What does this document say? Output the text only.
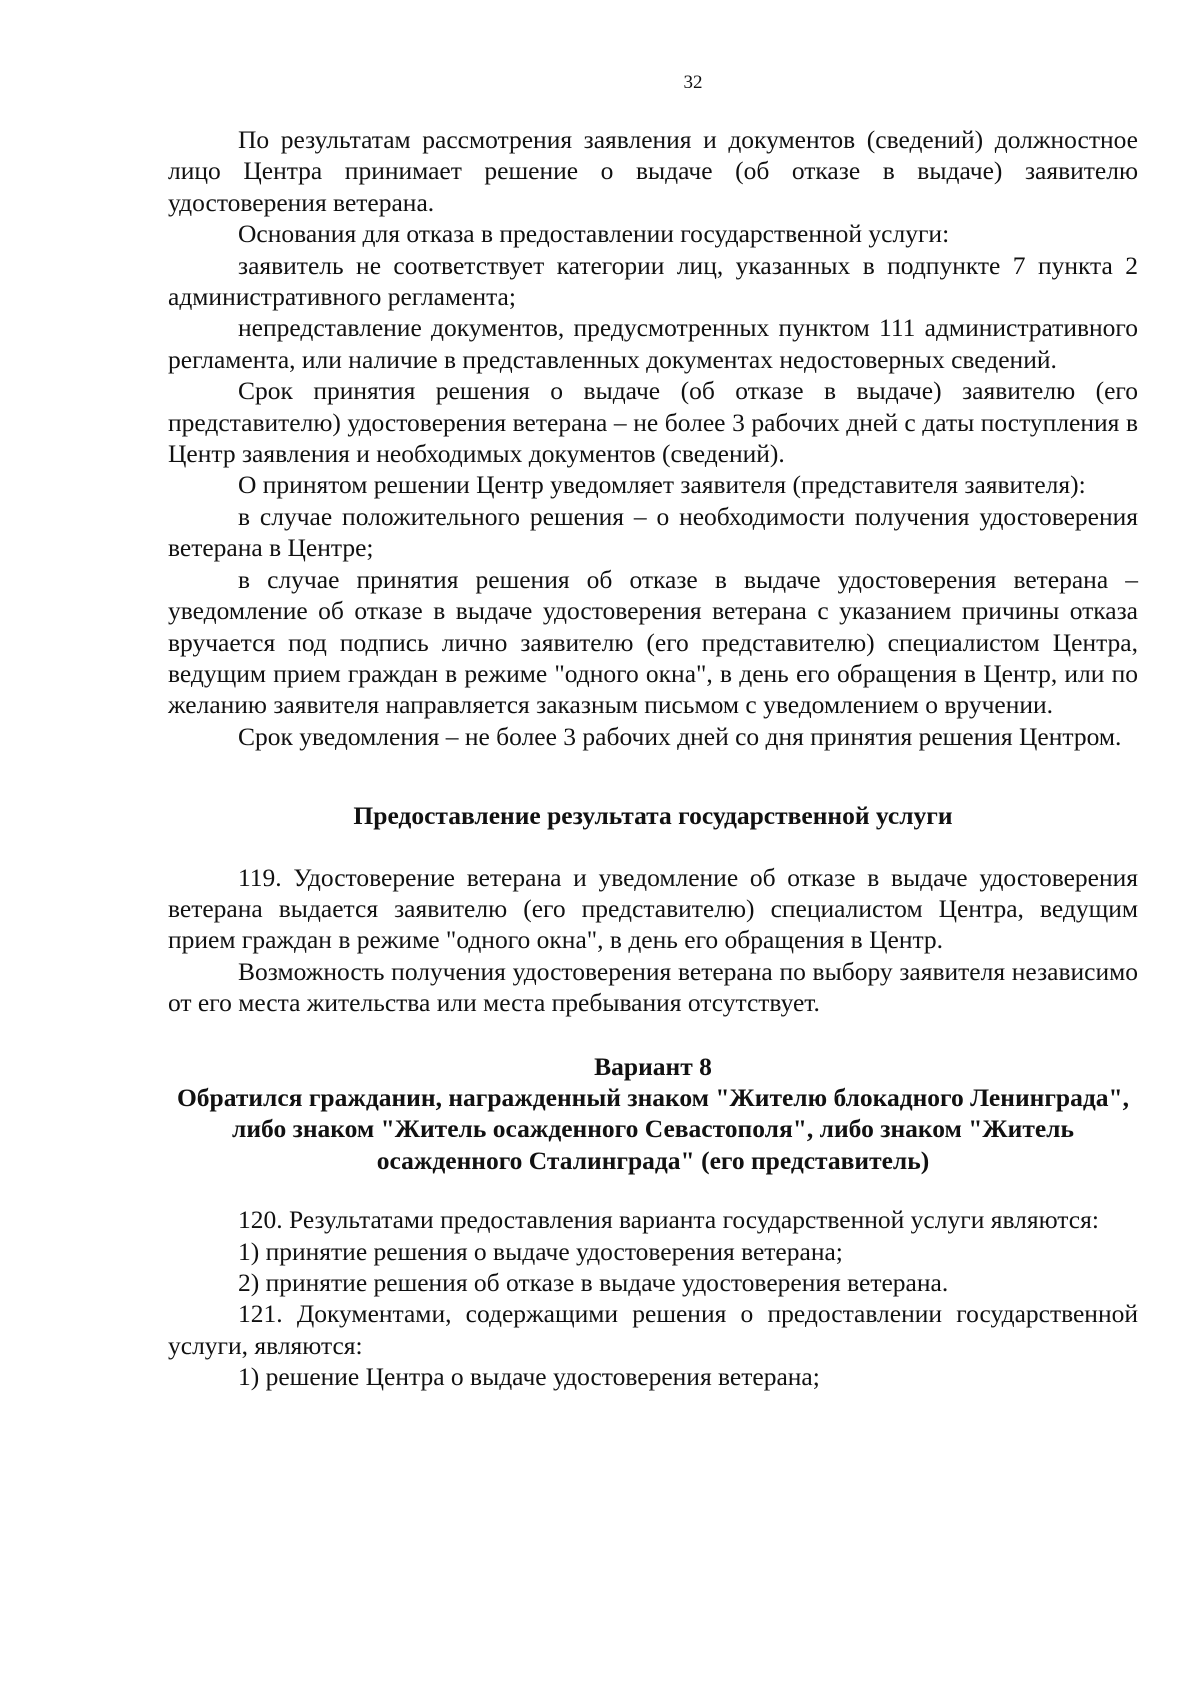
32

По результатам рассмотрения заявления и документов (сведений) должностное лицо Центра принимает решение о выдаче (об отказе в выдаче) заявителю удостоверения ветерана.

Основания для отказа в предоставлении государственной услуги:

заявитель не соответствует категории лиц, указанных в подпункте 7 пункта 2 административного регламента;

непредставление документов, предусмотренных пунктом 111 административного регламента, или наличие в представленных документах недостоверных сведений.

Срок принятия решения о выдаче (об отказе в выдаче) заявителю (его представителю) удостоверения ветерана – не более 3 рабочих дней с даты поступления в Центр заявления и необходимых документов (сведений).

О принятом решении Центр уведомляет заявителя (представителя заявителя):

в случае положительного решения – о необходимости получения удостоверения ветерана в Центре;

в случае принятия решения об отказе в выдаче удостоверения ветерана – уведомление об отказе в выдаче удостоверения ветерана с указанием причины отказа вручается под подпись лично заявителю (его представителю) специалистом Центра, ведущим прием граждан в режиме "одного окна", в день его обращения в Центр, или по желанию заявителя направляется заказным письмом с уведомлением о вручении.

Срок уведомления – не более 3 рабочих дней со дня принятия решения Центром.

Предоставление результата государственной услуги

119. Удостоверение ветерана и уведомление об отказе в выдаче удостоверения ветерана выдается заявителю (его представителю) специалистом Центра, ведущим прием граждан в режиме "одного окна", в день его обращения в Центр.

Возможность получения удостоверения ветерана по выбору заявителя независимо от его места жительства или места пребывания отсутствует.

Вариант 8
Обратился гражданин, награжденный знаком "Жителю блокадного Ленинграда", либо знаком "Житель осажденного Севастополя", либо знаком "Житель осажденного Сталинграда" (его представитель)

120. Результатами предоставления варианта государственной услуги являются:

1) принятие решения о выдаче удостоверения ветерана;

2) принятие решения об отказе в выдаче удостоверения ветерана.

121. Документами, содержащими решения о предоставлении государственной услуги, являются:

1) решение Центра о выдаче удостоверения ветерана;
